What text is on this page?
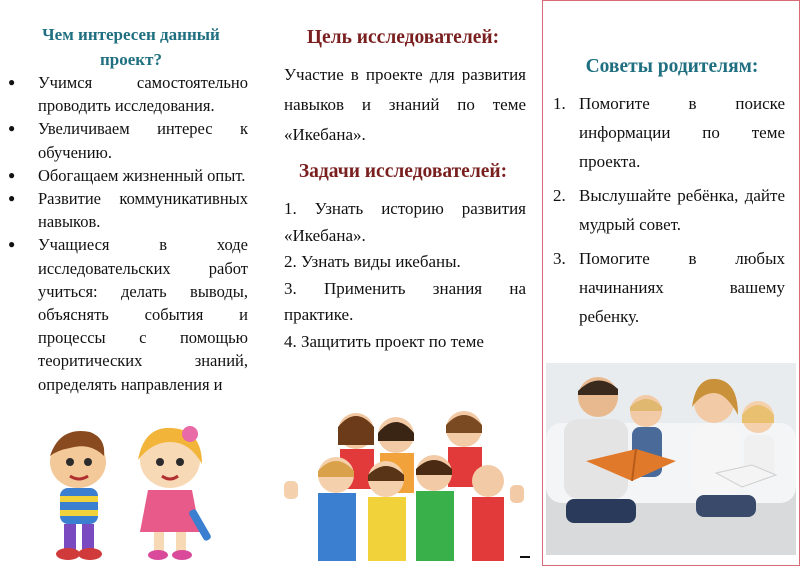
Чем интересен данный проект?
● Учимся самостоятельно проводить исследования.
● Увеличиваем интерес к обучению.
● Обогащаем жизненный опыт.
● Развитие коммуникативных навыков.
● Учащиеся в ходе исследовательских работ учиться: делать выводы, объяснять события и процессы с помощью теоритических знаний, определять направления и
Цель исследователей:

Участие в проекте для развития навыков и знаний по теме «Икебана».

Задачи исследователей:
1. Узнать историю развития «Икебана».
2. Узнать виды икебаны.
3. Применить знания на практике.
4. Защитить проект по теме
Советы родителям:
1. Помогите в поиске информации по теме проекта.
2. Выслушайте ребёнка, дайте мудрый совет.
3. Помогите в любых начинаниях вашему ребенку.
